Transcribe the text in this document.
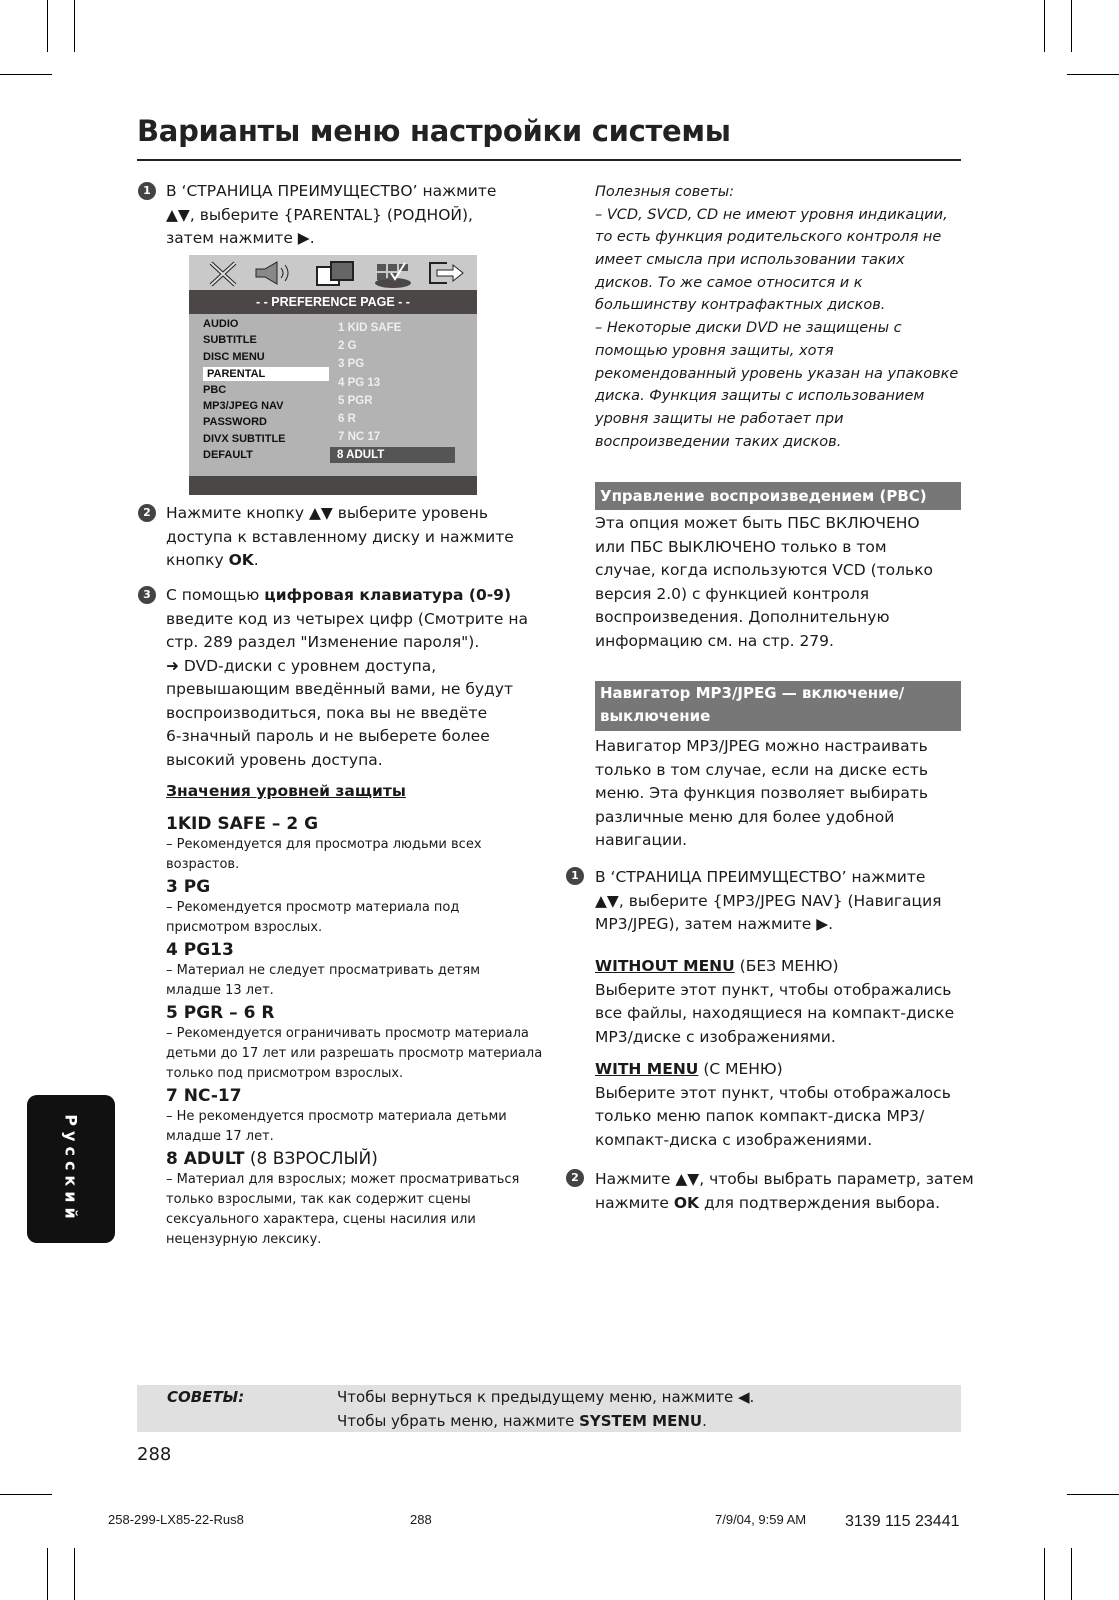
Варианты меню настройки системы
1 В ‘СТРАНИЦА ПРЕИМУЩЕСТВО’ нажмите
▲▼, выберите {PARENTAL} (РОДНОЙ),
затем нажмите ▶.
- - PREFERENCE PAGE - -
AUDIO
SUBTITLE
DISC MENU
PARENTAL
PBC
MP3/JPEG NAV
PASSWORD
DIVX SUBTITLE
DEFAULT
1 KID SAFE
2 G
3 PG
4 PG 13
5 PGR
6 R
7 NC 17
8 ADULT
2 Нажмите кнопку ▲▼ выберите уровень
доступа к вставленному диску и нажмите
кнопку OK.
3 С помощью цифровая клавиатура (0-9)
введите код из четырех цифр (Смотрите на
стр. 289 раздел "Изменение пароля").
➜ DVD-диски с уровнем доступа,
превышающим введённый вами, не будут
воспроизводиться, пока вы не введёте
6-значный пароль и не выберете более
высокий уровень доступа.
Значения уровней защиты
1KID SAFE – 2 G
– Рекомендуется для просмотра людьми всех
возрастов.
3 PG
– Рекомендуется просмотр материала под
присмотром взрослых.
4 PG13
– Материал не следует просматривать детям
младше 13 лет.
5 PGR – 6 R
– Рекомендуется ограничивать просмотр материала
детьми до 17 лет или разрешать просмотр материала
только под присмотром взрослых.
7 NC-17
– Не рекомендуется просмотр материала детьми
младше 17 лет.
8 ADULT (8 ВЗРОСЛЫЙ)
– Материал для взрослых; может просматриваться
только взрослыми, так как содержит сцены
сексуального характера, сцены насилия или
нецензурную лексику.
Полезныя советы:
– VCD, SVCD, CD не имеют уровня индикации,
то есть функция родительского контроля не
имеет смысла при использовании таких
дисков. То же самое относится и к
большинству контрафактных дисков.
– Некоторые диски DVD не защищены с
помощью уровня защиты, хотя
рекомендованный уровень указан на упаковке
диска. Функция защиты с использованием
уровня защиты не работает при
воспроизведении таких дисков.
Управление воспроизведением (PBC)
Эта опция может быть ПБС ВКЛЮЧЕНО
или ПБС ВЫКЛЮЧЕНО только в том
случае, когда используются VCD (только
версия 2.0) с функцией контроля
воспроизведения. Дополнительную
информацию см. на стр. 279.
Навигатор MP3/JPEG — включение/
выключение
Навигатор MP3/JPEG можно настраивать
только в том случае, если на диске есть
меню. Эта функция позволяет выбирать
различные меню для более удобной
навигации.
1	В ‘СТРАНИЦА ПРЕИМУЩЕСТВО’ нажмите
▲▼, выберите {MP3/JPEG NAV} (Навигация
MP3/JPEG), затем нажмите ▶.
WITHOUT MENU (БЕЗ МЕНЮ)
Выберите этот пункт, чтобы отображались
все файлы, находящиеся на компакт-диске
MP3/диске с изображениями.
WITH MENU (С МЕНЮ)
Выберите этот пункт, чтобы отображалось
только меню папок компакт-диска MP3/
компакт-диска с изображениями.
2	Нажмите ▲▼, чтобы выбрать параметр, затем
нажмите OK для подтверждения выбора.
Русский
СОВЕТЫ:	Чтобы вернуться к предыдущему меню, нажмите ◀.
Чтобы убрать меню, нажмите SYSTEM MENU.
288
258-299-LX85-22-Rus8	288	7/9/04, 9:59 AM 3139 115 23441
